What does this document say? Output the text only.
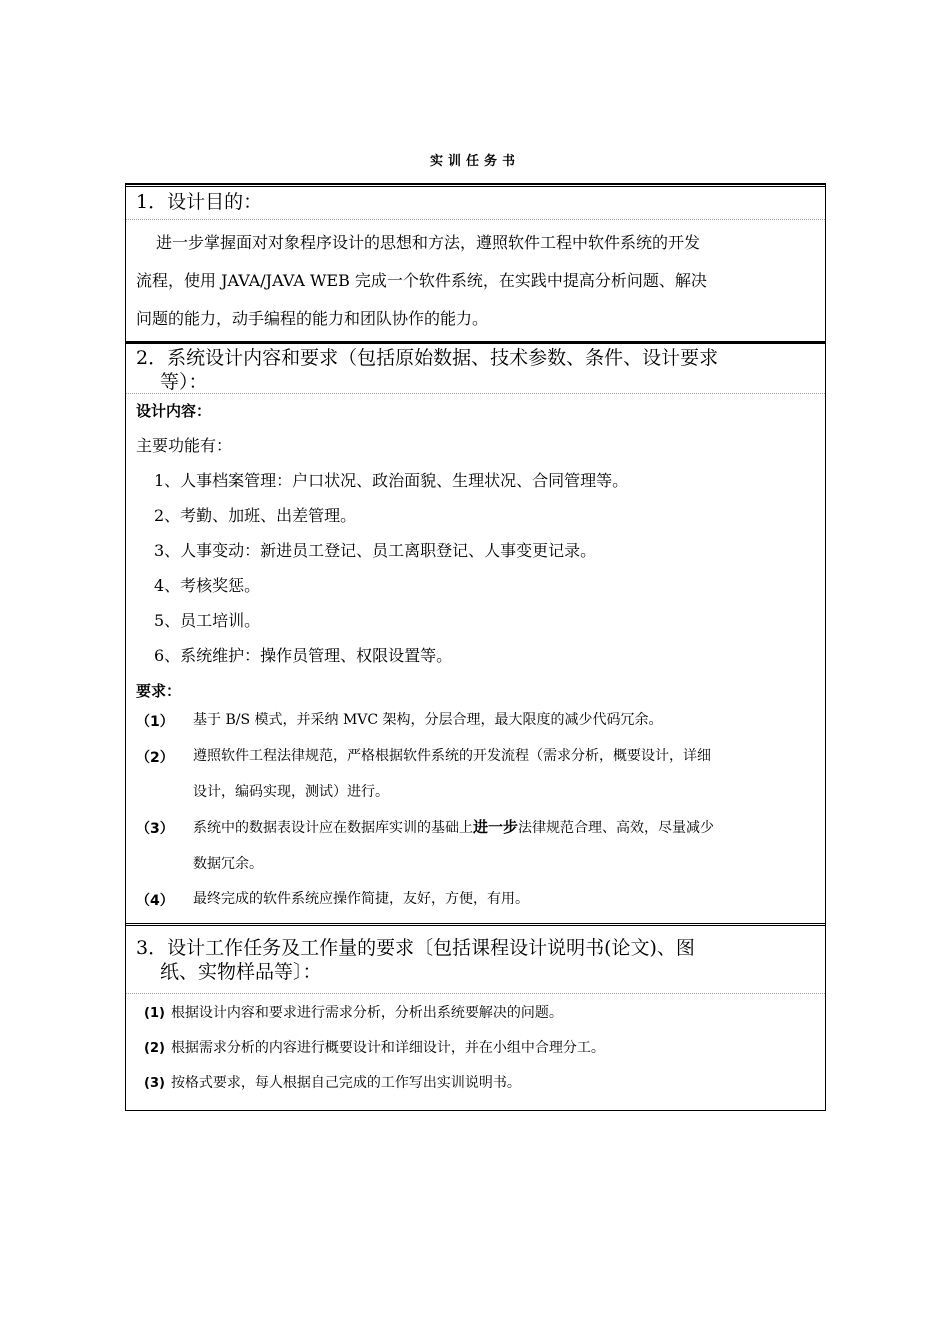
实训任务书
1．设计目的：
进一步掌握面对对象程序设计的思想和方法，遵照软件工程中软件系统的开发
流程，使用 JAVA/JAVA WEB 完成一个软件系统，在实践中提高分析问题、解决
问题的能力，动手编程的能力和团队协作的能力。
2．系统设计内容和要求（包括原始数据、技术参数、条件、设计要求
等）：
设计内容：
主要功能有：
1、人事档案管理：户口状况、政治面貌、生理状况、合同管理等。
2、考勤、加班、出差管理。
3、人事变动：新进员工登记、员工离职登记、人事变更记录。
4、考核奖惩。
5、员工培训。
6、系统维护：操作员管理、权限设置等。
要求：
（1） 基于 B/S 模式，并采纳 MVC 架构，分层合理，最大限度的减少代码冗余。
（2） 遵照软件工程法律规范，严格根据软件系统的开发流程（需求分析，概要设计，详细
设计，编码实现，测试）进行。
（3） 系统中的数据表设计应在数据库实训的基础上进一步法律规范合理、高效，尽量减少
数据冗余。
（4） 最终完成的软件系统应操作简捷，友好，方便，有用。
3．设计工作任务及工作量的要求〔包括课程设计说明书(论文)、图
纸、实物样品等〕：
(1) 根据设计内容和要求进行需求分析，分析出系统要解决的问题。
(2) 根据需求分析的内容进行概要设计和详细设计，并在小组中合理分工。
(3) 按格式要求，每人根据自己完成的工作写出实训说明书。
